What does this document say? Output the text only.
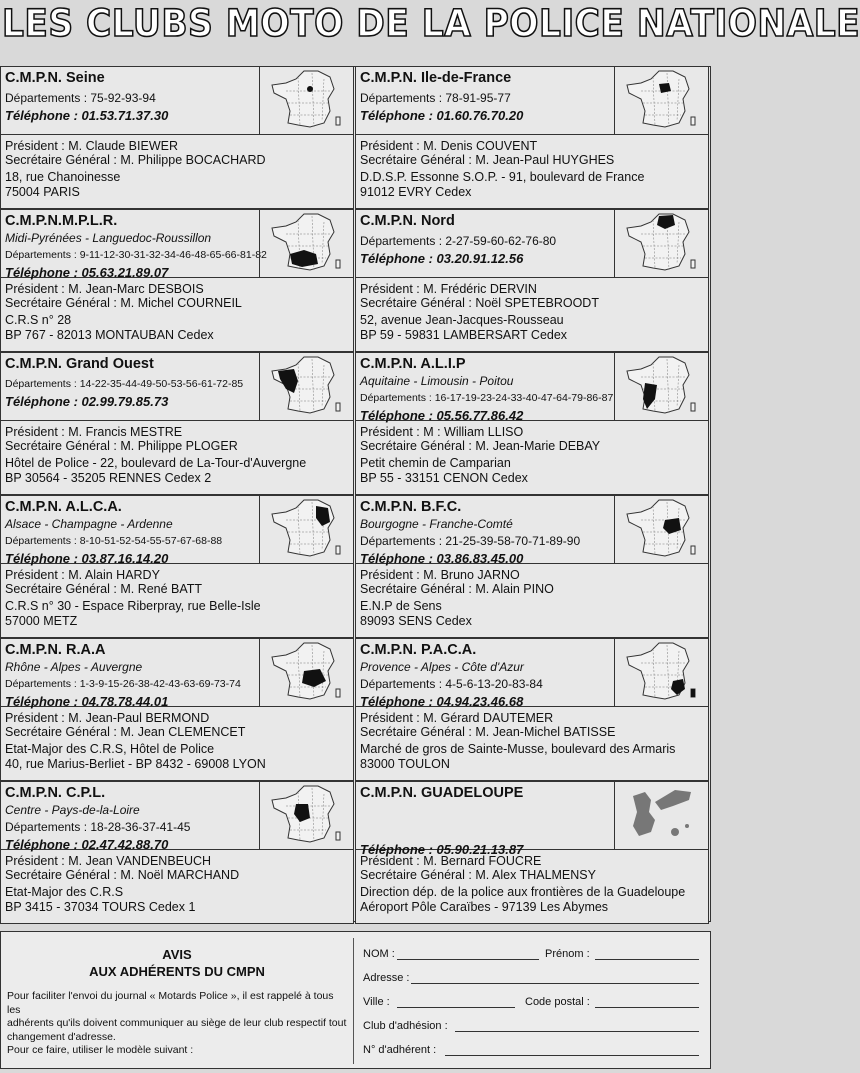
LES CLUBS MOTO DE LA POLICE NATIONALE
C.M.P.N. Seine
Départements : 75-92-93-94
Téléphone : 01.53.71.37.30
Président : M. Claude BIEWER
Secrétaire Général : M. Philippe BOCACHARD
18, rue Chanoinesse
75004 PARIS
C.M.P.N. Ile-de-France
Départements : 78-91-95-77
Téléphone : 01.60.76.70.20
Président : M. Denis COUVENT
Secrétaire Général : M. Jean-Paul HUYGHES
D.D.S.P. Essonne S.O.P. - 91, boulevard de France
91012 EVRY Cedex
C.M.P.N.M.P.L.R.
Midi-Pyrénées - Languedoc-Roussillon
Départements : 9-11-12-30-31-32-34-46-48-65-66-81-82
Téléphone : 05.63.21.89.07
Président : M. Jean-Marc DESBOIS
Secrétaire Général : M. Michel COURNEIL
C.R.S n° 28
BP 767 - 82013 MONTAUBAN Cedex
C.M.P.N. Nord
Départements : 2-27-59-60-62-76-80
Téléphone : 03.20.91.12.56
Président : M. Frédéric DERVIN
Secrétaire Général : Noël SPETEBROODT
52, avenue Jean-Jacques-Rousseau
BP 59 - 59831 LAMBERSART Cedex
C.M.P.N. Grand Ouest
Départements : 14-22-35-44-49-50-53-56-61-72-85
Téléphone : 02.99.79.85.73
Président : M. Francis MESTRE
Secrétaire Général : M. Philippe PLOGER
Hôtel de Police - 22, boulevard de La-Tour-d'Auvergne
BP 30564 - 35205 RENNES Cedex 2
C.M.P.N. A.L.I.P
Aquitaine - Limousin - Poitou
Départements : 16-17-19-23-24-33-40-47-64-79-86-87
Téléphone : 05.56.77.86.42
Président : M : William LLISO
Secrétaire Général : M. Jean-Marie DEBAY
Petit chemin de Camparian
BP 55 - 33151 CENON Cedex
C.M.P.N. A.L.C.A.
Alsace - Champagne - Ardenne
Départements : 8-10-51-52-54-55-57-67-68-88
Téléphone : 03.87.16.14.20
Président : M. Alain HARDY
Secrétaire Général : M. René BATT
C.R.S n° 30 - Espace Riberpray, rue Belle-Isle
57000 METZ
C.M.P.N. B.F.C.
Bourgogne - Franche-Comté
Départements : 21-25-39-58-70-71-89-90
Téléphone : 03.86.83.45.00
Président : M. Bruno JARNO
Secrétaire Général : M. Alain PINO
E.N.P de Sens
89093 SENS Cedex
C.M.P.N. R.A.A
Rhône - Alpes - Auvergne
Départements : 1-3-9-15-26-38-42-43-63-69-73-74
Téléphone : 04.78.78.44.01
Président : M. Jean-Paul BERMOND
Secrétaire Général : M. Jean CLEMENCET
Etat-Major des C.R.S, Hôtel de Police
40, rue Marius-Berliet - BP 8432 - 69008 LYON
C.M.P.N. P.A.C.A.
Provence - Alpes - Côte d'Azur
Départements : 4-5-6-13-20-83-84
Téléphone : 04.94.23.46.68
Président : M. Gérard DAUTEMER
Secrétaire Général : M. Jean-Michel BATISSE
Marché de gros de Sainte-Musse, boulevard des Armaris
83000 TOULON
C.M.P.N. C.P.L.
Centre - Pays-de-la-Loire
Départements : 18-28-36-37-41-45
Téléphone : 02.47.42.88.70
Président : M. Jean VANDENBEUCH
Secrétaire Général : M. Noël MARCHAND
Etat-Major des C.R.S
BP 3415 - 37034 TOURS Cedex 1
C.M.P.N. GUADELOUPE

Téléphone : 05.90.21.13.87
Président : M. Bernard FOUCRE
Secrétaire Général : M. Alex THALMENSY
Direction dép. de la police aux frontières de la Guadeloupe
Aéroport Pôle Caraïbes - 97139 Les Abymes
AVIS
AUX ADHÉRENTS DU CMPN
Pour faciliter l'envoi du journal « Motards Police », il est rappelé à tous les
adhérents qu'ils doivent communiquer au siège de leur club respectif tout
changement d'adresse.
Pour ce faire, utiliser le modèle suivant :
NOM :	Prénom :
Adresse :
Ville :	Code postal :
Club d'adhésion :
N° d'adhérent :
